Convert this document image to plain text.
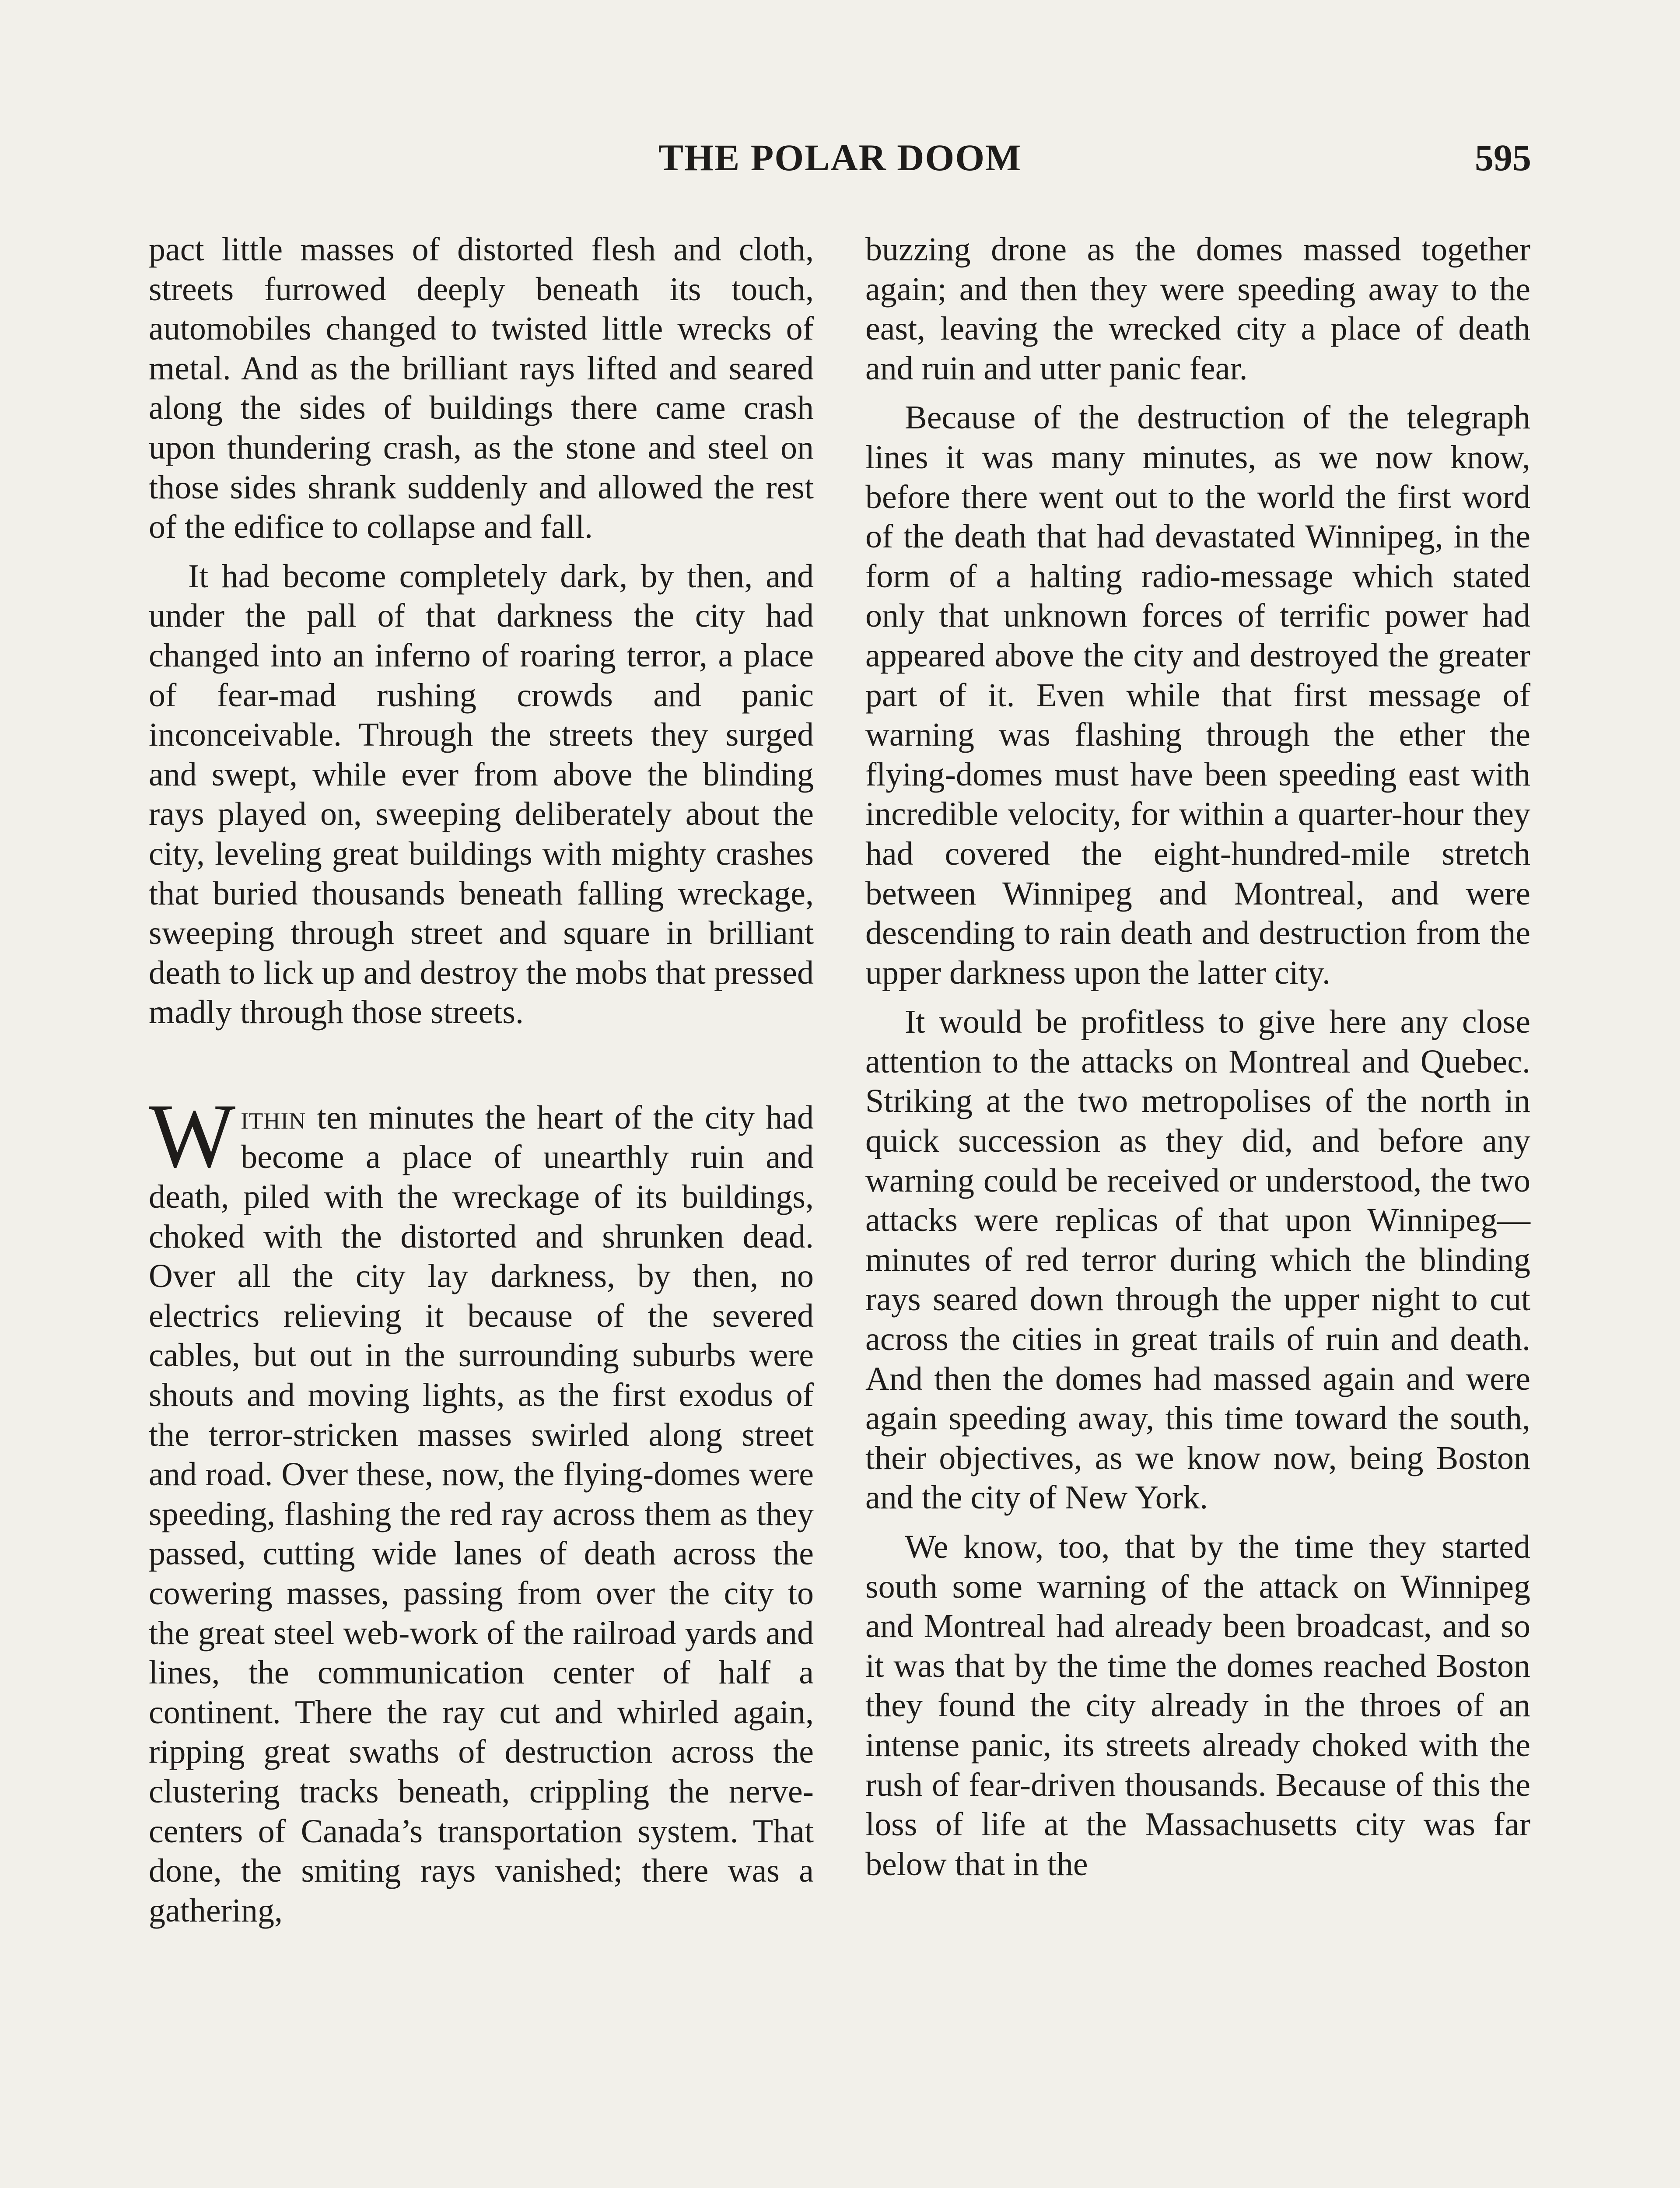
THE POLAR DOOM	595

pact little masses of distorted flesh and cloth, streets furrowed deeply beneath its touch, automobiles changed to twisted little wrecks of metal. And as the brilliant rays lifted and seared along the sides of buildings there came crash upon thundering crash, as the stone and steel on those sides shrank suddenly and allowed the rest of the edifice to collapse and fall.

It had become completely dark, by then, and under the pall of that darkness the city had changed into an inferno of roaring terror, a place of fear-mad rushing crowds and panic inconceivable. Through the streets they surged and swept, while ever from above the blinding rays played on, sweeping deliberately about the city, leveling great buildings with mighty crashes that buried thousands beneath falling wreckage, sweeping through street and square in brilliant death to lick up and destroy the mobs that pressed madly through those streets.

Within ten minutes the heart of the city had become a place of unearthly ruin and death, piled with the wreckage of its buildings, choked with the distorted and shrunken dead. Over all the city lay darkness, by then, no electrics relieving it because of the severed cables, but out in the surrounding suburbs were shouts and moving lights, as the first exodus of the terror-stricken masses swirled along street and road. Over these, now, the flying-domes were speeding, flashing the red ray across them as they passed, cutting wide lanes of death across the cowering masses, passing from over the city to the great steel web-work of the railroad yards and lines, the communication center of half a continent. There the ray cut and whirled again, ripping great swaths of destruction across the clustering tracks beneath, crippling the nerve-centers of Canada’s transportation system. That done, the smiting rays vanished; there was a gathering,

buzzing drone as the domes massed together again; and then they were speeding away to the east, leaving the wrecked city a place of death and ruin and utter panic fear.

Because of the destruction of the telegraph lines it was many minutes, as we now know, before there went out to the world the first word of the death that had devastated Winnipeg, in the form of a halting radio-message which stated only that unknown forces of terrific power had appeared above the city and destroyed the greater part of it. Even while that first message of warning was flashing through the ether the flying-domes must have been speeding east with incredible velocity, for within a quarter-hour they had covered the eight-hundred-mile stretch between Winnipeg and Montreal, and were descending to rain death and destruction from the upper darkness upon the latter city.

It would be profitless to give here any close attention to the attacks on Montreal and Quebec. Striking at the two metropolises of the north in quick succession as they did, and before any warning could be received or understood, the two attacks were replicas of that upon Winnipeg—minutes of red terror during which the blinding rays seared down through the upper night to cut across the cities in great trails of ruin and death. And then the domes had massed again and were again speeding away, this time toward the south, their objectives, as we know now, being Boston and the city of New York.

We know, too, that by the time they started south some warning of the attack on Winnipeg and Montreal had already been broadcast, and so it was that by the time the domes reached Boston they found the city already in the throes of an intense panic, its streets already choked with the rush of fear-driven thousands. Because of this the loss of life at the Massachusetts city was far below that in the
